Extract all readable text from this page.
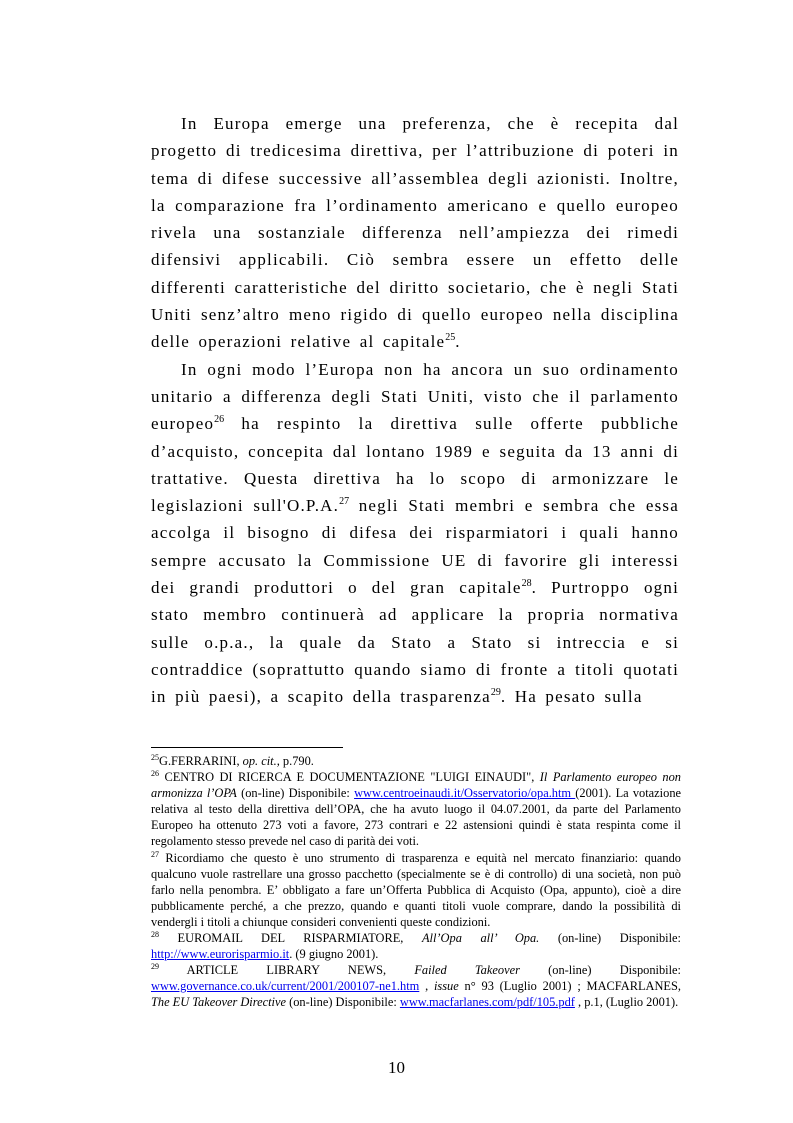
In Europa emerge una preferenza, che è recepita dal progetto di tredicesima direttiva, per l’attribuzione di poteri in tema di difese successive all’assemblea degli azionisti. Inoltre, la comparazione fra l’ordinamento americano e quello europeo rivela una sostanziale differenza nell’ampiezza dei rimedi difensivi applicabili. Ciò sembra essere un effetto delle differenti caratteristiche del diritto societario, che è negli Stati Uniti senz’altro meno rigido di quello europeo nella disciplina delle operazioni relative al capitale$^{25}$.

In ogni modo l’Europa non ha ancora un suo ordinamento unitario a differenza degli Stati Uniti, visto che il parlamento europeo$^{26}$ ha respinto la direttiva sulle offerte pubbliche d’acquisto, concepita dal lontano 1989 e seguita da 13 anni di trattative. Questa direttiva ha lo scopo di armonizzare le legislazioni sull'O.P.A.$^{27}$ negli Stati membri e sembra che essa accolga il bisogno di difesa dei risparmiatori i quali hanno sempre accusato la Commissione UE di favorire gli interessi dei grandi produttori o del gran capitale$^{28}$. Purtroppo ogni stato membro continuerà ad applicare la propria normativa sulle o.p.a., la quale da Stato a Stato si intreccia e si contraddice (soprattutto quando siamo di fronte a titoli quotati in più paesi), a scapito della trasparenza$^{29}$. Ha pesato sulla

$^{25}$G.FERRARINI, op. cit., p.790.

$^{26}$ CENTRO DI RICERCA E DOCUMENTAZIONE "LUIGI EINAUDI", Il Parlamento europeo non armonizza l’OPA (on-line) Disponibile: www.centroeinaudi.it/Osservatorio/opa.htm (2001). La votazione relativa al testo della direttiva dell’OPA, che ha avuto luogo il 04.07.2001, da parte del Parlamento Europeo ha ottenuto 273 voti a favore, 273 contrari e 22 astensioni quindi è stata respinta come il regolamento stesso prevede nel caso di parità dei voti.

$^{27}$ Ricordiamo che questo è uno strumento di trasparenza e equità nel mercato finanziario: quando qualcuno vuole rastrellare una grosso pacchetto (specialmente se è di controllo) di una società, non può farlo nella penombra. E’ obbligato a fare un’Offerta Pubblica di Acquisto (Opa, appunto), cioè a dire pubblicamente perché, a che prezzo, quando e quanti titoli vuole comprare, dando la possibilità di vendergli i titoli a chiunque consideri convenienti queste condizioni.

$^{28}$ EUROMAIL DEL RISPARMIATORE, All’Opa all’ Opa. (on-line) Disponibile: http://www.eurorisparmio.it. (9 giugno 2001).

$^{29}$ ARTICLE LIBRARY NEWS, Failed Takeover (on-line) Disponibile: www.governance.co.uk/current/2001/200107-ne1.htm , issue n° 93 (Luglio 2001) ; MACFARLANES, The EU Takeover Directive (on-line) Disponibile: www.macfarlanes.com/pdf/105.pdf , p.1, (Luglio 2001).

10
